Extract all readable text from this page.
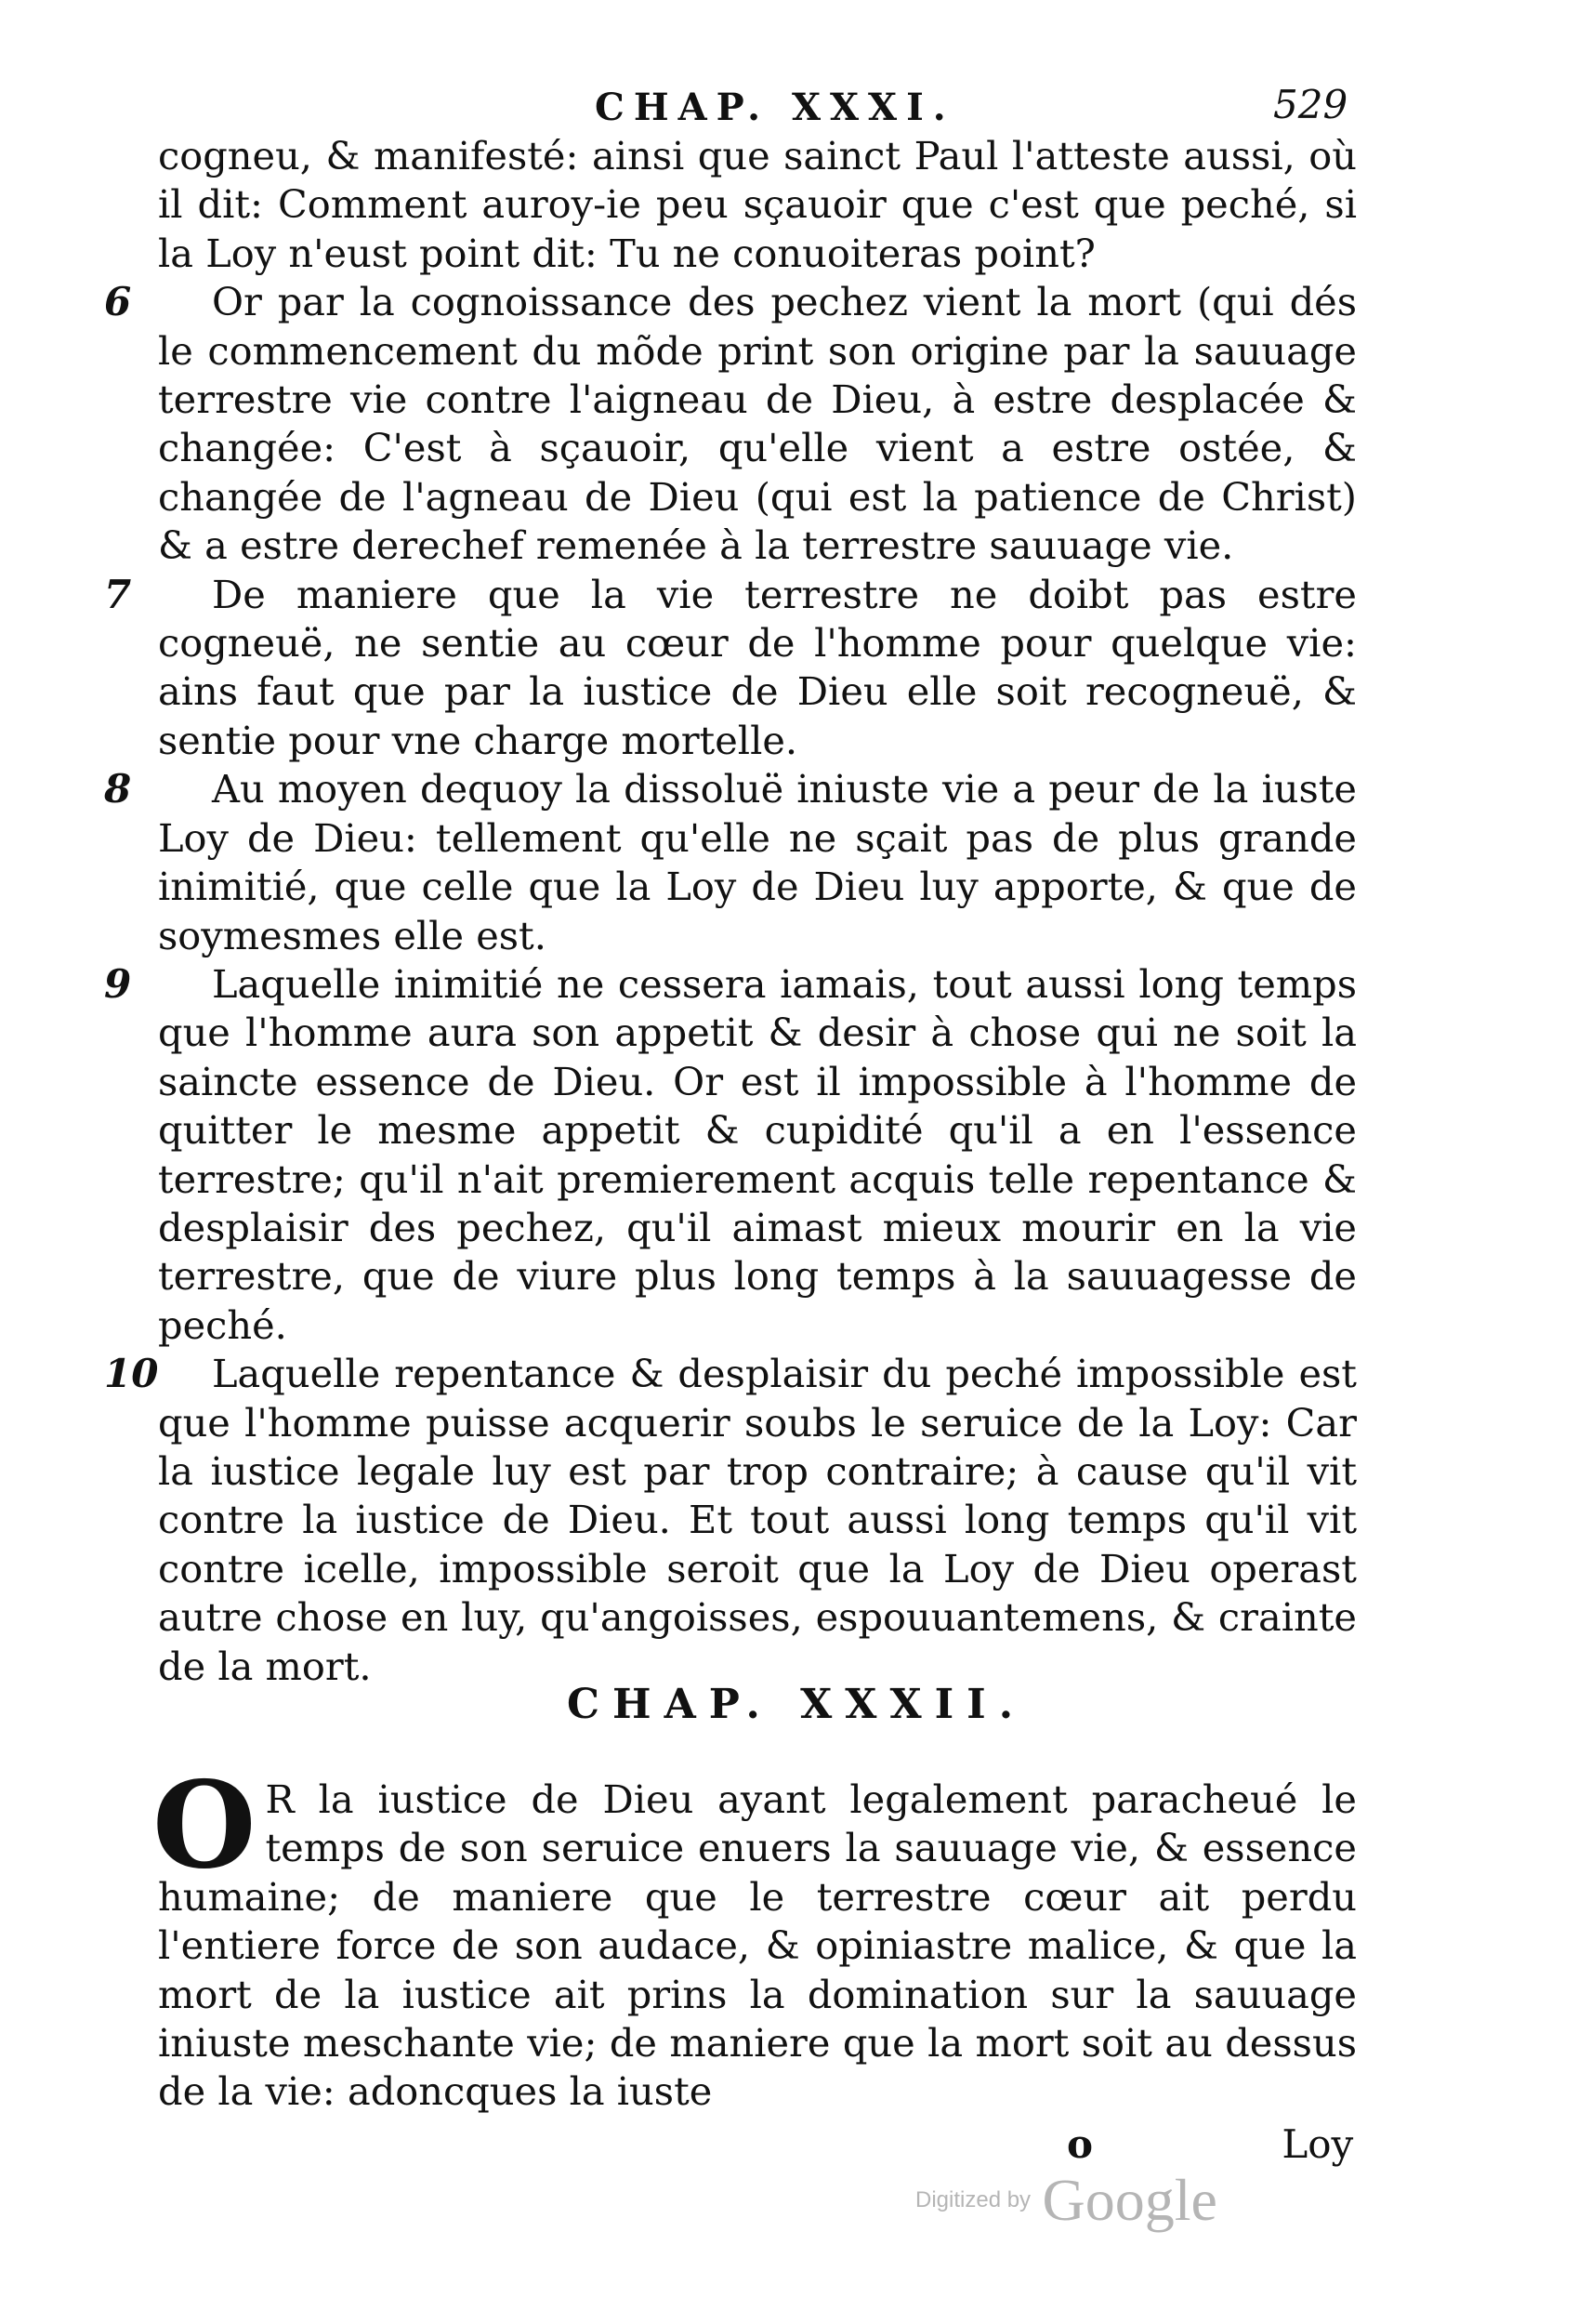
CHAP. XXXI.	529

cogneu, & manifesté: ainsi que sainct Paul l'atteste aussi, où il dit: Comment auroy-ie peu sçauoir que c'est que peché, si la Loy n'eust point dit: Tu ne conuoiteras point?

6	Or par la cognoissance des pechez vient la mort (qui dés le commencement du mõde print son origine par la sauuage terrestre vie contre l'aigneau de Dieu, à estre desplacée & changée: C'est à sçauoir, qu'elle vient a estre ostée, & changée de l'agneau de Dieu (qui est la patience de Christ) & a estre derechef remenée à la terrestre sauuage vie.

7	De maniere que la vie terrestre ne doibt pas estre cogneuë, ne sentie au cœur de l'homme pour quelque vie: ains faut que par la iustice de Dieu elle soit recogneuë, & sentie pour vne charge mortelle.

8	Au moyen dequoy la dissoluë iniuste vie a peur de la iuste Loy de Dieu: tellement qu'elle ne sçait pas de plus grande inimitié, que celle que la Loy de Dieu luy apporte, & que de soymesmes elle est.

9	Laquelle inimitié ne cessera iamais, tout aussi long temps que l'homme aura son appetit & desir à chose qui ne soit la saincte essence de Dieu. Or est il impossible à l'homme de quitter le mesme appetit & cupidité qu'il a en l'essence terrestre; qu'il n'ait premierement acquis telle repentance & desplaisir des pechez, qu'il aimast mieux mourir en la vie terrestre, que de viure plus long temps à la sauuagesse de peché.

10	Laquelle repentance & desplaisir du peché impossible est que l'homme puisse acquerir soubs le seruice de la Loy: Car la iustice legale luy est par trop contraire; à cause qu'il vit contre la iustice de Dieu. Et tout aussi long temps qu'il vit contre icelle, impossible seroit que la Loy de Dieu operast autre chose en luy, qu'angoisses, espouuantemens, & crainte de la mort.

CHAP. XXXII.
O R la iustice de Dieu ayant legalement paracheué le temps de son seruice enuers la sauuage vie, & essence humaine; de maniere que le terrestre cœur ait perdu l'entiere force de son audace, & opiniastre malice, & que la mort de la iustice ait prins la domination sur la sauuage iniuste meschante vie; de maniere que la mort soit au dessus de la vie: adoncques la iuste
o	Loy
Digitized by Google
